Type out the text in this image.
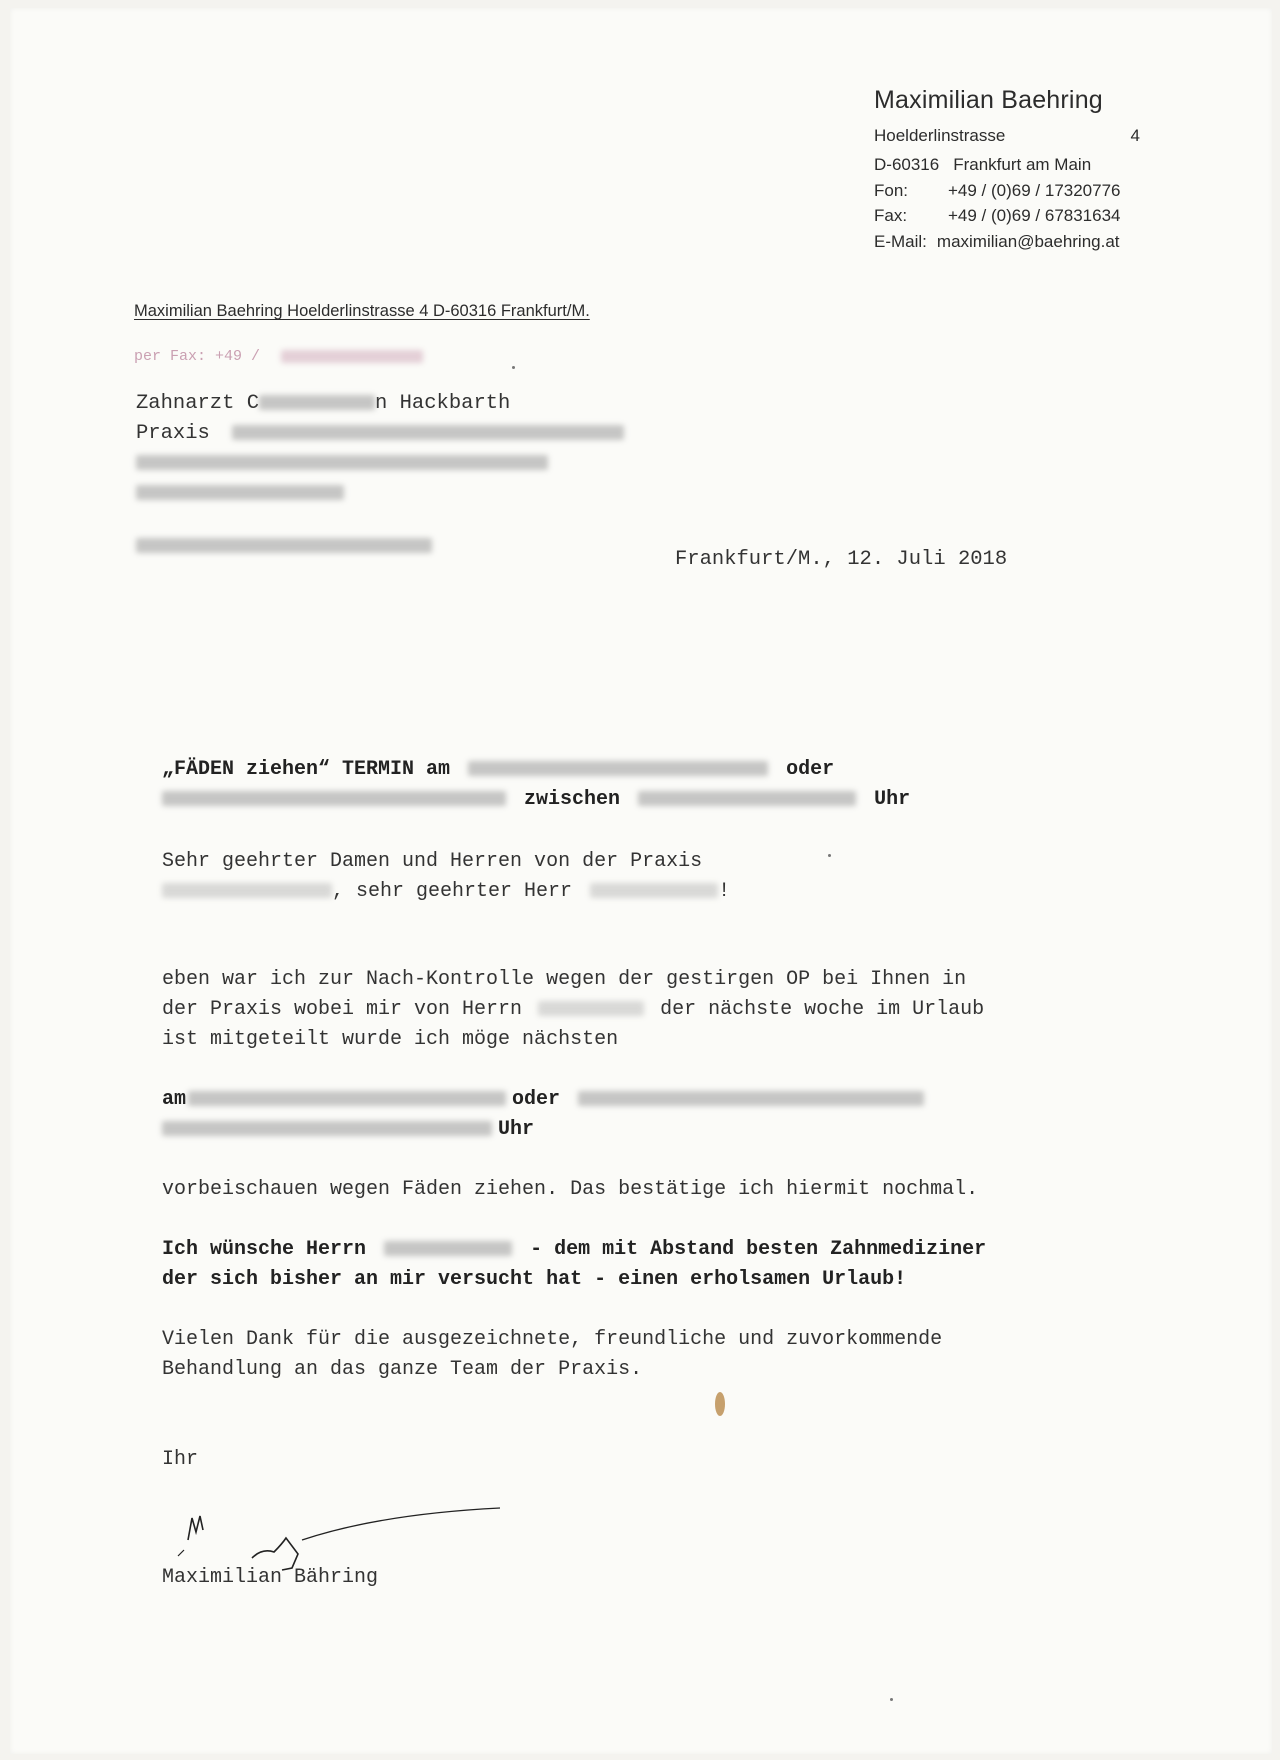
Maximilian Baehring
Hoelderlinstrasse	4
D-60316 Frankfurt am Main
Fon: +49 / (0)69 / 17320776
Fax: +49 / (0)69 / 67831634
E-Mail: maximilian@baehring.at
Maximilian Baehring Hoelderlinstrasse 4 D-60316 Frankfurt/M.
per Fax: +49 /
Zahnarzt C	n Hackbarth
Praxis
Frankfurt/M., 12. Juli 2018
„FÄDEN ziehen“ TERMIN am	oder
zwischen	Uhr
Sehr geehrter Damen und Herren von der Praxis
, sehr geehrter Herr	!
eben war ich zur Nach-Kontrolle wegen der gestirgen OP bei Ihnen in
der Praxis wobei mir von Herrn	der nächste woche im Urlaub
ist mitgeteilt wurde ich möge nächsten
am	oder
Uhr
vorbeischauen wegen Fäden ziehen. Das bestätige ich hiermit nochmal.
Ich wünsche Herrn	- dem mit Abstand besten Zahnmediziner
der sich bisher an mir versucht hat - einen erholsamen Urlaub!
Vielen Dank für die ausgezeichnete, freundliche und zuvorkommende
Behandlung an das ganze Team der Praxis.
Ihr
Maximilian Bähring
